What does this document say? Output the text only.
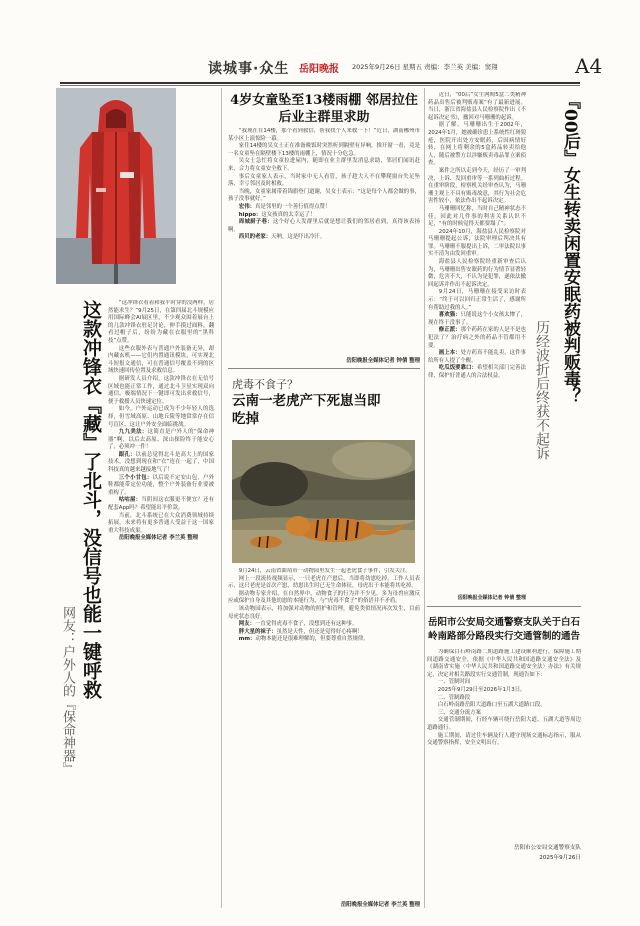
读城事·众生 岳阳晚报 2025年9月26日 星期五 责编：李兰英 美编：窦翔	A4
这款冲锋衣『藏』了北斗，没信号也能一键呼救
网友：户外人的『保命神器』

“这冲锋衣看着和我平时穿的没两样，居然能求生？”9月25日，在第四届北斗规模应用国际峰会AI展区里，不少观众围着展台上的几款冲锋衣驻足讨论，伸手摸过面料，翻看过帽子后，纷纷为藏在衣服里的“黑科技”点赞。

这些衣服外表与普通户外装备无异，却内藏玄机——它们内置通讯模块，可实现北斗短报文通信，可在普通信号覆盖不到的区域快速回传位置及求救信息。

据研发人员介绍，这款冲锋衣在无信号区域也能正常工作，通过北斗卫星实现双向通信，极端情况下一键即可发出求救信号，便于救援人员快速定位。

如今，户外运动已成为不少年轻人的选择，但雪域高原、山地丘陵等地常常存在信号盲区，这让户外安全面临挑战。

九九美法：这简直是户外人的“保命神器”啊，以后去高原、深山探险终于能安心了，必须冲一件！

跟孔：以前总觉得北斗是高大上的国家技术，没想到现在和“衣”连在一起了，中国科技真的越来越接地气了！

三个小甘包：以后说不定安山包，户外鞋都能带定位功能，整个户外装备行业要被重构了。

咕咕屋：当阴间这衣服更不便宜？还有配套App吗？希望能出平价款。

当前，北斗系统已在大众消费领域持续拓展，未来将有更多普通人受益于这一国家重大科技成果。

岳阳晚报全媒体记者 李兰英 整理

4岁女童坠至13楼雨棚 邻居拉住后业主群里求助

“我现在在14楼，那个看到救信，帮我找个人来救一下！”近日，湖南郴州市某小区上演惊险一幕。

家住14楼的吴女士正在准备晚饭时突然听到隔壁有异响，推开窗一看，竟是一名女童坠在隔壁楼下13楼的雨棚上，情况十分危急。

吴女士急忙将女童拉进屋内，随即在业主群里发消息求助，邻居们闻讯赶来，合力将女童安全救下。

事后女童家人表示，当时家中无人看管，孩子趁大人不在攀爬窗台失足坠落，幸亏邻居及时相救。

当晚，女童家属带着锦旗登门道谢，吴女士表示：“这是每个人都会做的事，孩子没事就好。”

宏伟：真是邻里的一个善行值得点赞！

hippo：这女孩真的太幸运了！

周城厨子巷：这个好心人发群里后就是想让我们的邻居看到，真得该表扬啊。

西贝的老家：天呐，这是吓出冷汗。

岳阳晚报全媒体记者 钟倩 整理
虎毒不食子？
云南一老虎产下死崽当即吃掉

9月24日，云南省曲靖市一动物园里发生一起老虎食子事件，引发关注。

网上一段流传视频显示，一只老虎在产崽后，当即将幼崽吃掉。工作人员表示，这只老虎是首次产崽，幼崽出生时已无生命体征，母虎出于本能将其吃掉。

据动物专家介绍，在自然界中，动物食子的行为并不少见，多为母兽应激反应或保护自身及其他幼崽的本能行为，与“虎毒不食子”的俗语并不矛盾。

该动物园表示，将加强对动物的照护和管理，避免类似情况再次发生，目前母虎状态良好。

网友：一直觉得虎毒不食子，没想到还有这种事。

胖大星的袜子：虽然是天性，但还是觉得好心疼啊！

mm：动物本能还是很难理解的，但要尊重自然规律。

岳阳晚报全媒体记者 李兰英 整理

近日，“00后”女生网购5盒二类精神药品出售后被判贩毒案“有了最新进展。当日，浙江省海盐县人民检察院作出《不起诉决定书》，撤回对马珊珊的起诉。

据了解，马珊珊出生于2002年，2024年1月，她被确诊患上系统性红斑狼疮，医院开出处方安眠药，后因病情好转，在网上将剩余的5盒药品转卖给他人，随后被警方以涉嫌贩卖毒品罪立案侦查。

案件之所以走到今天，经历了一审判决、上诉、发回重审等一系列曲折过程。在重审阶段，检察机关经审查认为，马珊珊主观上不具有贩毒故意，其行为社会危害性较小，依法作出不起诉决定。

马珊珊回忆称，当时自己精神状态不佳，因此对几件事的利害关系认识不足，“有的时候觉得天都要塌了”。

2024年10月，海盐县人民检察院对马珊珊提起公诉，法院审理后判决其有罪。马珊珊不服提出上诉，二审法院以事实不清为由发回重审。

海盐县人民检察院经重新审查后认为，马珊珊出售安眠药的行为情节显著轻微，危害不大，不认为是犯罪，遂依法撤回起诉并作出不起诉决定。

9月24日，马珊珊在接受采访时表示：“终于可以回归正常生活了，感谢所有帮助过我的人。”

喜欢猫：只能说这个小女孩太惨了，现在终于没事了。

修正派：那个药药在家的人是不是也犯法了？治疗病之外的药品不管都用不要。

画上本：处方药真不能乱卖，这件事给所有人提了个醒。

吃瓜饭要靠口：希望相关部门完善法律，保护好普通人的合法权益。

岳阳晚报全媒体记者 钟倩 整理
『00后』女生转卖闲置安眠药被判贩毒？
历经波折后终获不起诉
岳阳市公安局交通警察支队关于白石岭南路部分路段实行交通管制的通告

为确保白石岭南路二期道路施工建设顺利进行，保障施工期间道路交通安全，依据《中华人民共和国道路交通安全法》及《湖南省实施〈中华人民共和国道路交通安全法〉办法》有关规定，决定对相关路段实行交通管制，现通告如下：

一、管制时间

2025年9月29日至2026年1月3日。

二、管制路段

白石岭南路岳阳大道路口至五湖大道路口段。

三、交通分流方案

交通管制期间，行经车辆可绕行岳阳大道、五湖大道等周边道路通行。

施工期间，请过往车辆及行人遵守现场交通标志指示，服从交通警察指挥，安全文明出行。

岳阳市公安局交通警察支队
2025年9月26日
